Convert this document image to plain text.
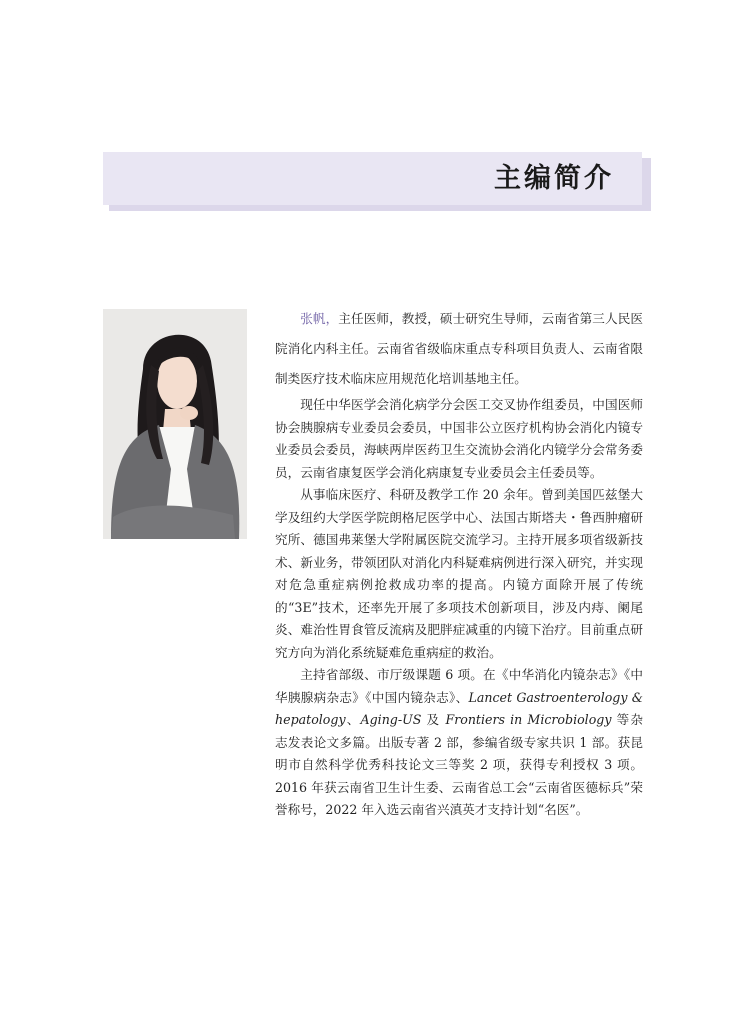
主编简介

张帆，主任医师，教授，硕士研究生导师，云南省第三人民医院消化内科主任。云南省省级临床重点专科项目负责人、云南省限制类医疗技术临床应用规范化培训基地主任。

现任中华医学会消化病学分会医工交叉协作组委员，中国医师协会胰腺病专业委员会委员，中国非公立医疗机构协会消化内镜专业委员会委员，海峡两岸医药卫生交流协会消化内镜学分会常务委员，云南省康复医学会消化病康复专业委员会主任委员等。

从事临床医疗、科研及教学工作 20 余年。曾到美国匹兹堡大学及纽约大学医学院朗格尼医学中心、法国古斯塔夫・鲁西肿瘤研究所、德国弗莱堡大学附属医院交流学习。主持开展多项省级新技术、新业务，带领团队对消化内科疑难病例进行深入研究，并实现对危急重症病例抢救成功率的提高。内镜方面除开展了传统的“3E”技术，还率先开展了多项技术创新项目，涉及内痔、阑尾炎、难治性胃食管反流病及肥胖症减重的内镜下治疗。目前重点研究方向为消化系统疑难危重病症的救治。

主持省部级、市厅级课题 6 项。在《中华消化内镜杂志》《中华胰腺病杂志》《中国内镜杂志》、Lancet Gastroenterology & hepatology、Aging-US 及 Frontiers in Microbiology 等杂志发表论文多篇。出版专著 2 部，参编省级专家共识 1 部。获昆明市自然科学优秀科技论文三等奖 2 项，获得专利授权 3 项。2016 年获云南省卫生计生委、云南省总工会“云南省医德标兵”荣誉称号，2022 年入选云南省兴滇英才支持计划“名医”。
